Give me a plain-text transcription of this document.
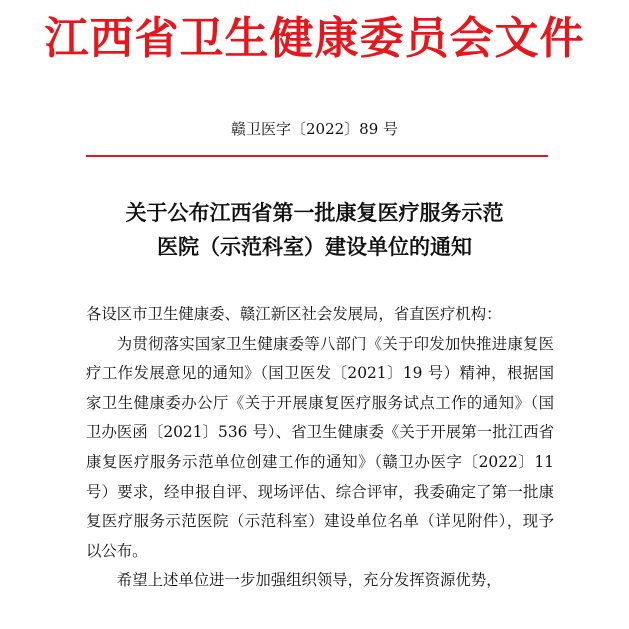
江西省卫生健康委员会文件
赣卫医字〔2022〕89 号
关于公布江西省第一批康复医疗服务示范
医院（示范科室）建设单位的通知

各设区市卫生健康委、赣江新区社会发展局，省直医疗机构：

为贯彻落实国家卫生健康委等八部门《关于印发加快推进康复医疗工作发展意见的通知》（国卫医发〔2021〕19 号）精神，根据国家卫生健康委办公厅《关于开展康复医疗服务试点工作的通知》（国卫办医函〔2021〕536 号）、省卫生健康委《关于开展第一批江西省康复医疗服务示范单位创建工作的通知》（赣卫办医字〔2022〕11 号）要求，经申报自评、现场评估、综合评审，我委确定了第一批康复医疗服务示范医院（示范科室）建设单位名单（详见附件），现予以公布。

希望上述单位进一步加强组织领导，充分发挥资源优势，
